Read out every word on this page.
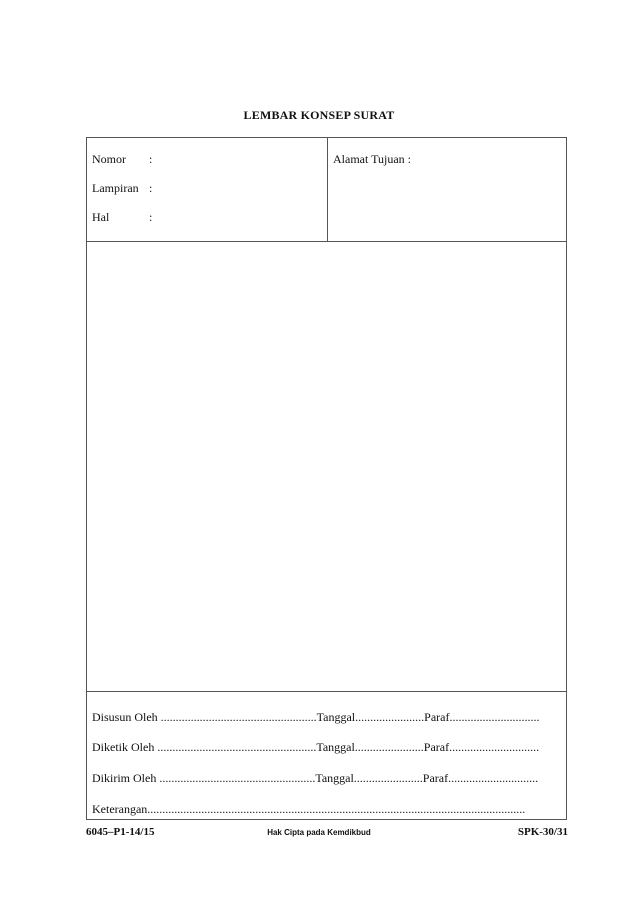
LEMBAR KONSEP SURAT
Nomor :
Lampiran :
Hal	:
Alamat Tujuan :
Disusun Oleh ....................................................Tanggal.......................Paraf..............................
Diketik Oleh .....................................................Tanggal.......................Paraf..............................
Dikirim Oleh ....................................................Tanggal.......................Paraf..............................
Keterangan..............................................................................................................................
6045–P1-14/15	Hak Cipta pada Kemdikbud	SPK-30/31
